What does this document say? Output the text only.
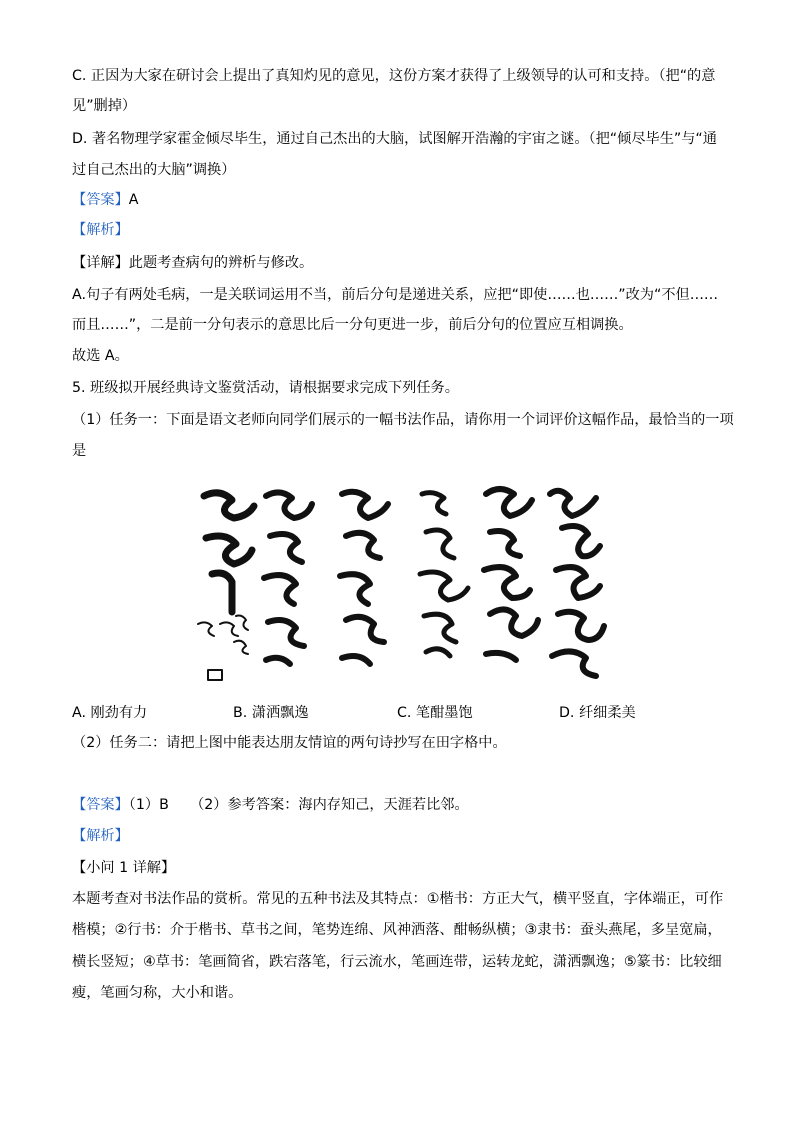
C. 正因为大家在研讨会上提出了真知灼见的意见，这份方案才获得了上级领导的认可和支持。（把“的意
见”删掉）
D. 著名物理学家霍金倾尽毕生，通过自己杰出的大脑，试图解开浩瀚的宇宙之谜。（把“倾尽毕生”与“通
过自己杰出的大脑”调换）
【答案】A
【解析】
【详解】此题考查病句的辨析与修改。
A.句子有两处毛病，一是关联词运用不当，前后分句是递进关系，应把“即使……也……”改为“不但……
而且……”，二是前一分句表示的意思比后一分句更进一步，前后分句的位置应互相调换。
故选 A。
5. 班级拟开展经典诗文鉴赏活动，请根据要求完成下列任务。
（1）任务一：下面是语文老师向同学们展示的一幅书法作品，请你用一个词评价这幅作品，最恰当的一项
是
A. 刚劲有力	B. 潇洒飘逸	C. 笔酣墨饱	D. 纤细柔美
（2）任务二：请把上图中能表达朋友情谊的两句诗抄写在田字格中。
【答案】（1）B　　（2）参考答案：海内存知己，天涯若比邻。
【解析】
【小问 1 详解】
本题考查对书法作品的赏析。常见的五种书法及其特点：①楷书：方正大气，横平竖直，字体端正，可作
楷模；②行书：介于楷书、草书之间，笔势连绵、风神洒落、酣畅纵横；③隶书：蚕头燕尾，多呈宽扁，
横长竖短；④草书：笔画简省，跌宕落笔，行云流水，笔画连带，运转龙蛇，潇洒飘逸；⑤篆书：比较细
瘦，笔画匀称，大小和谐。
